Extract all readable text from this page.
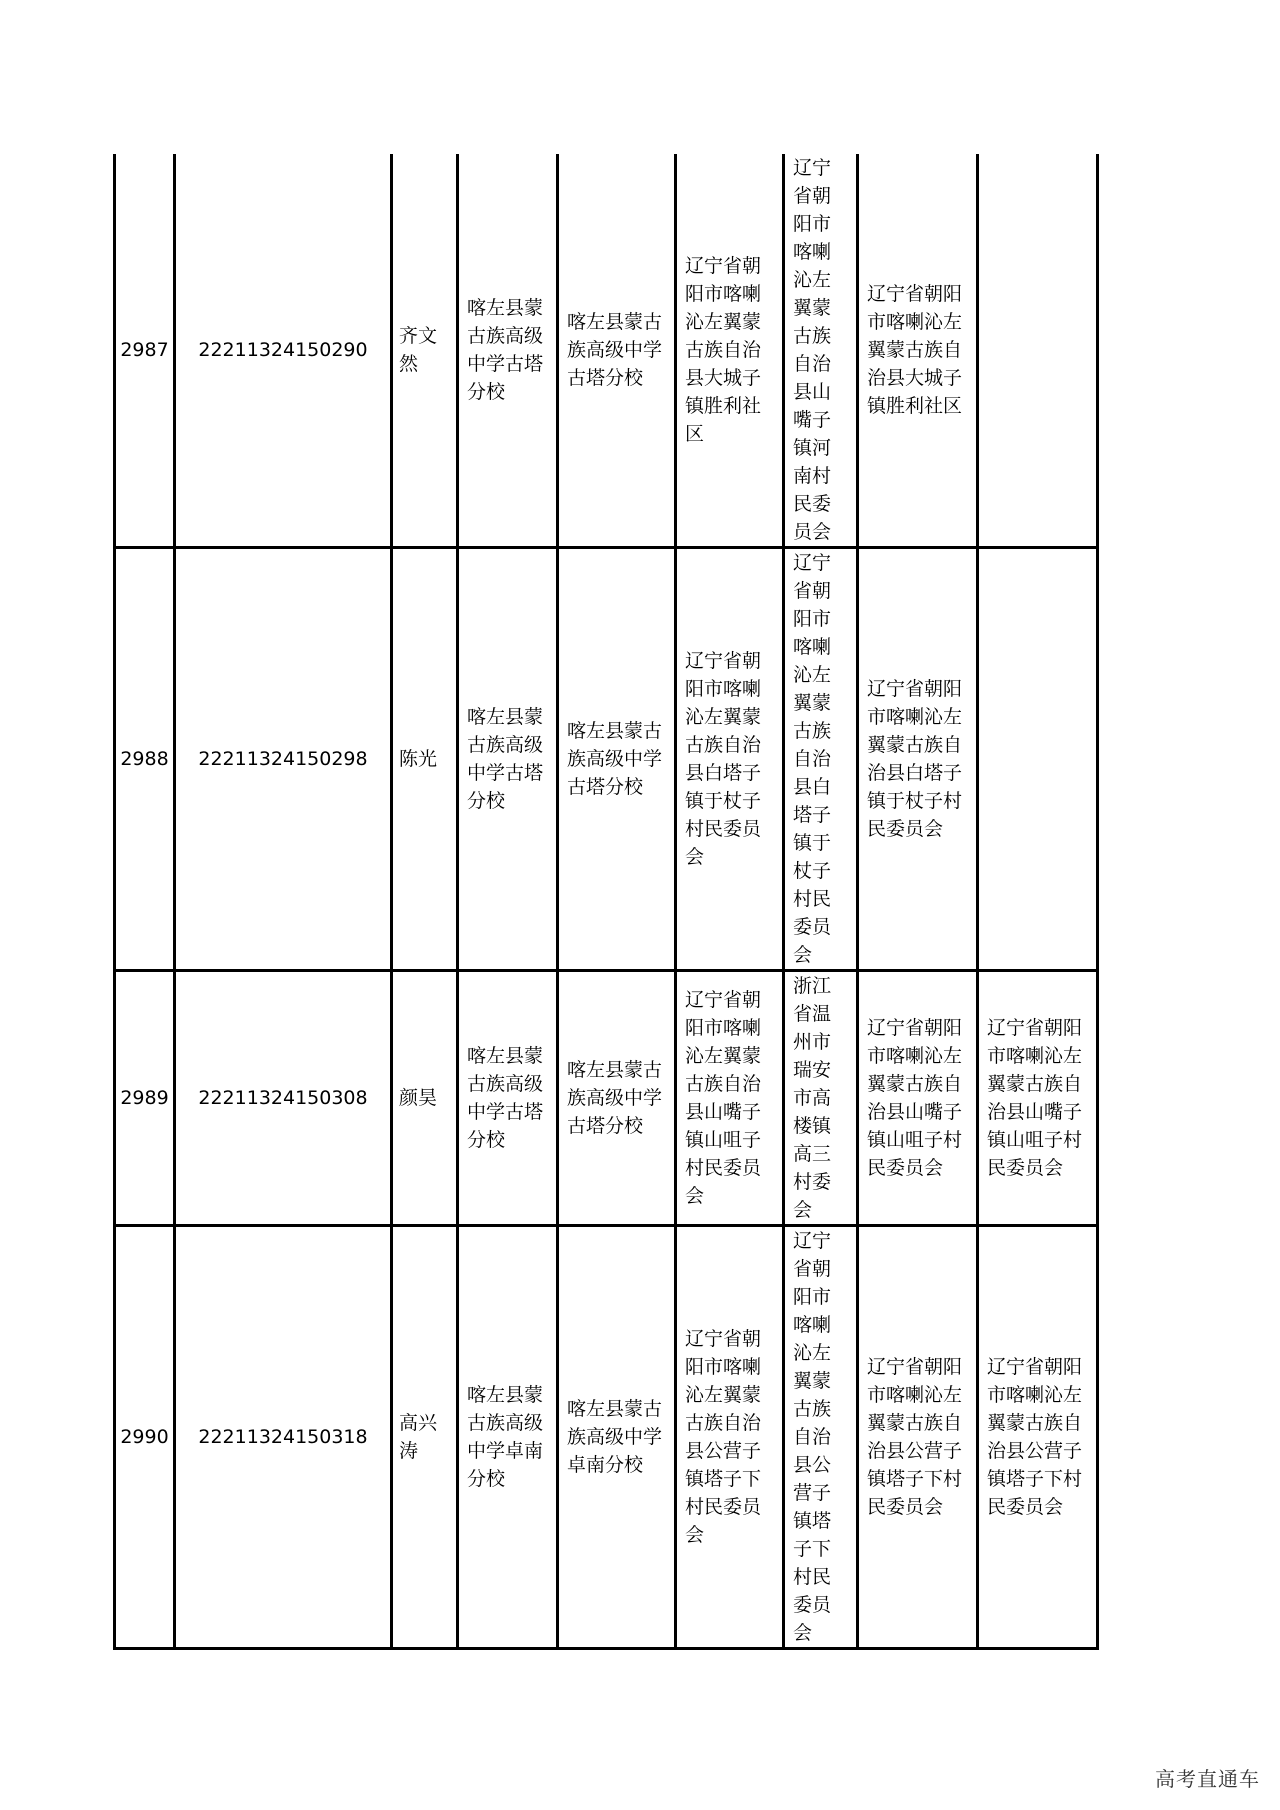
2987	22211324150290	齐文然	喀左县蒙古族高级中学古塔分校	喀左县蒙古族高级中学古塔分校	辽宁省朝阳市喀喇沁左翼蒙古族自治县大城子镇胜利社区	辽宁省朝阳市喀喇沁左翼蒙古族自治县山嘴子镇河南村民委员会	辽宁省朝阳市喀喇沁左翼蒙古族自治县大城子镇胜利社区	
2988	22211324150298	陈光	喀左县蒙古族高级中学古塔分校	喀左县蒙古族高级中学古塔分校	辽宁省朝阳市喀喇沁左翼蒙古族自治县白塔子镇于杖子村民委员会	辽宁省朝阳市喀喇沁左翼蒙古族自治县白塔子镇于杖子村民委员会	辽宁省朝阳市喀喇沁左翼蒙古族自治县白塔子镇于杖子村民委员会	
2989	22211324150308	颜昊	喀左县蒙古族高级中学古塔分校	喀左县蒙古族高级中学古塔分校	辽宁省朝阳市喀喇沁左翼蒙古族自治县山嘴子镇山咀子村民委员会	浙江省温州市瑞安市高楼镇高三村委会	辽宁省朝阳市喀喇沁左翼蒙古族自治县山嘴子镇山咀子村民委员会	辽宁省朝阳市喀喇沁左翼蒙古族自治县山嘴子镇山咀子村民委员会
2990	22211324150318	高兴涛	喀左县蒙古族高级中学卓南分校	喀左县蒙古族高级中学卓南分校	辽宁省朝阳市喀喇沁左翼蒙古族自治县公营子镇塔子下村民委员会	辽宁省朝阳市喀喇沁左翼蒙古族自治县公营子镇塔子下村民委员会	辽宁省朝阳市喀喇沁左翼蒙古族自治县公营子镇塔子下村民委员会	辽宁省朝阳市喀喇沁左翼蒙古族自治县公营子镇塔子下村民委员会
高考直通车
